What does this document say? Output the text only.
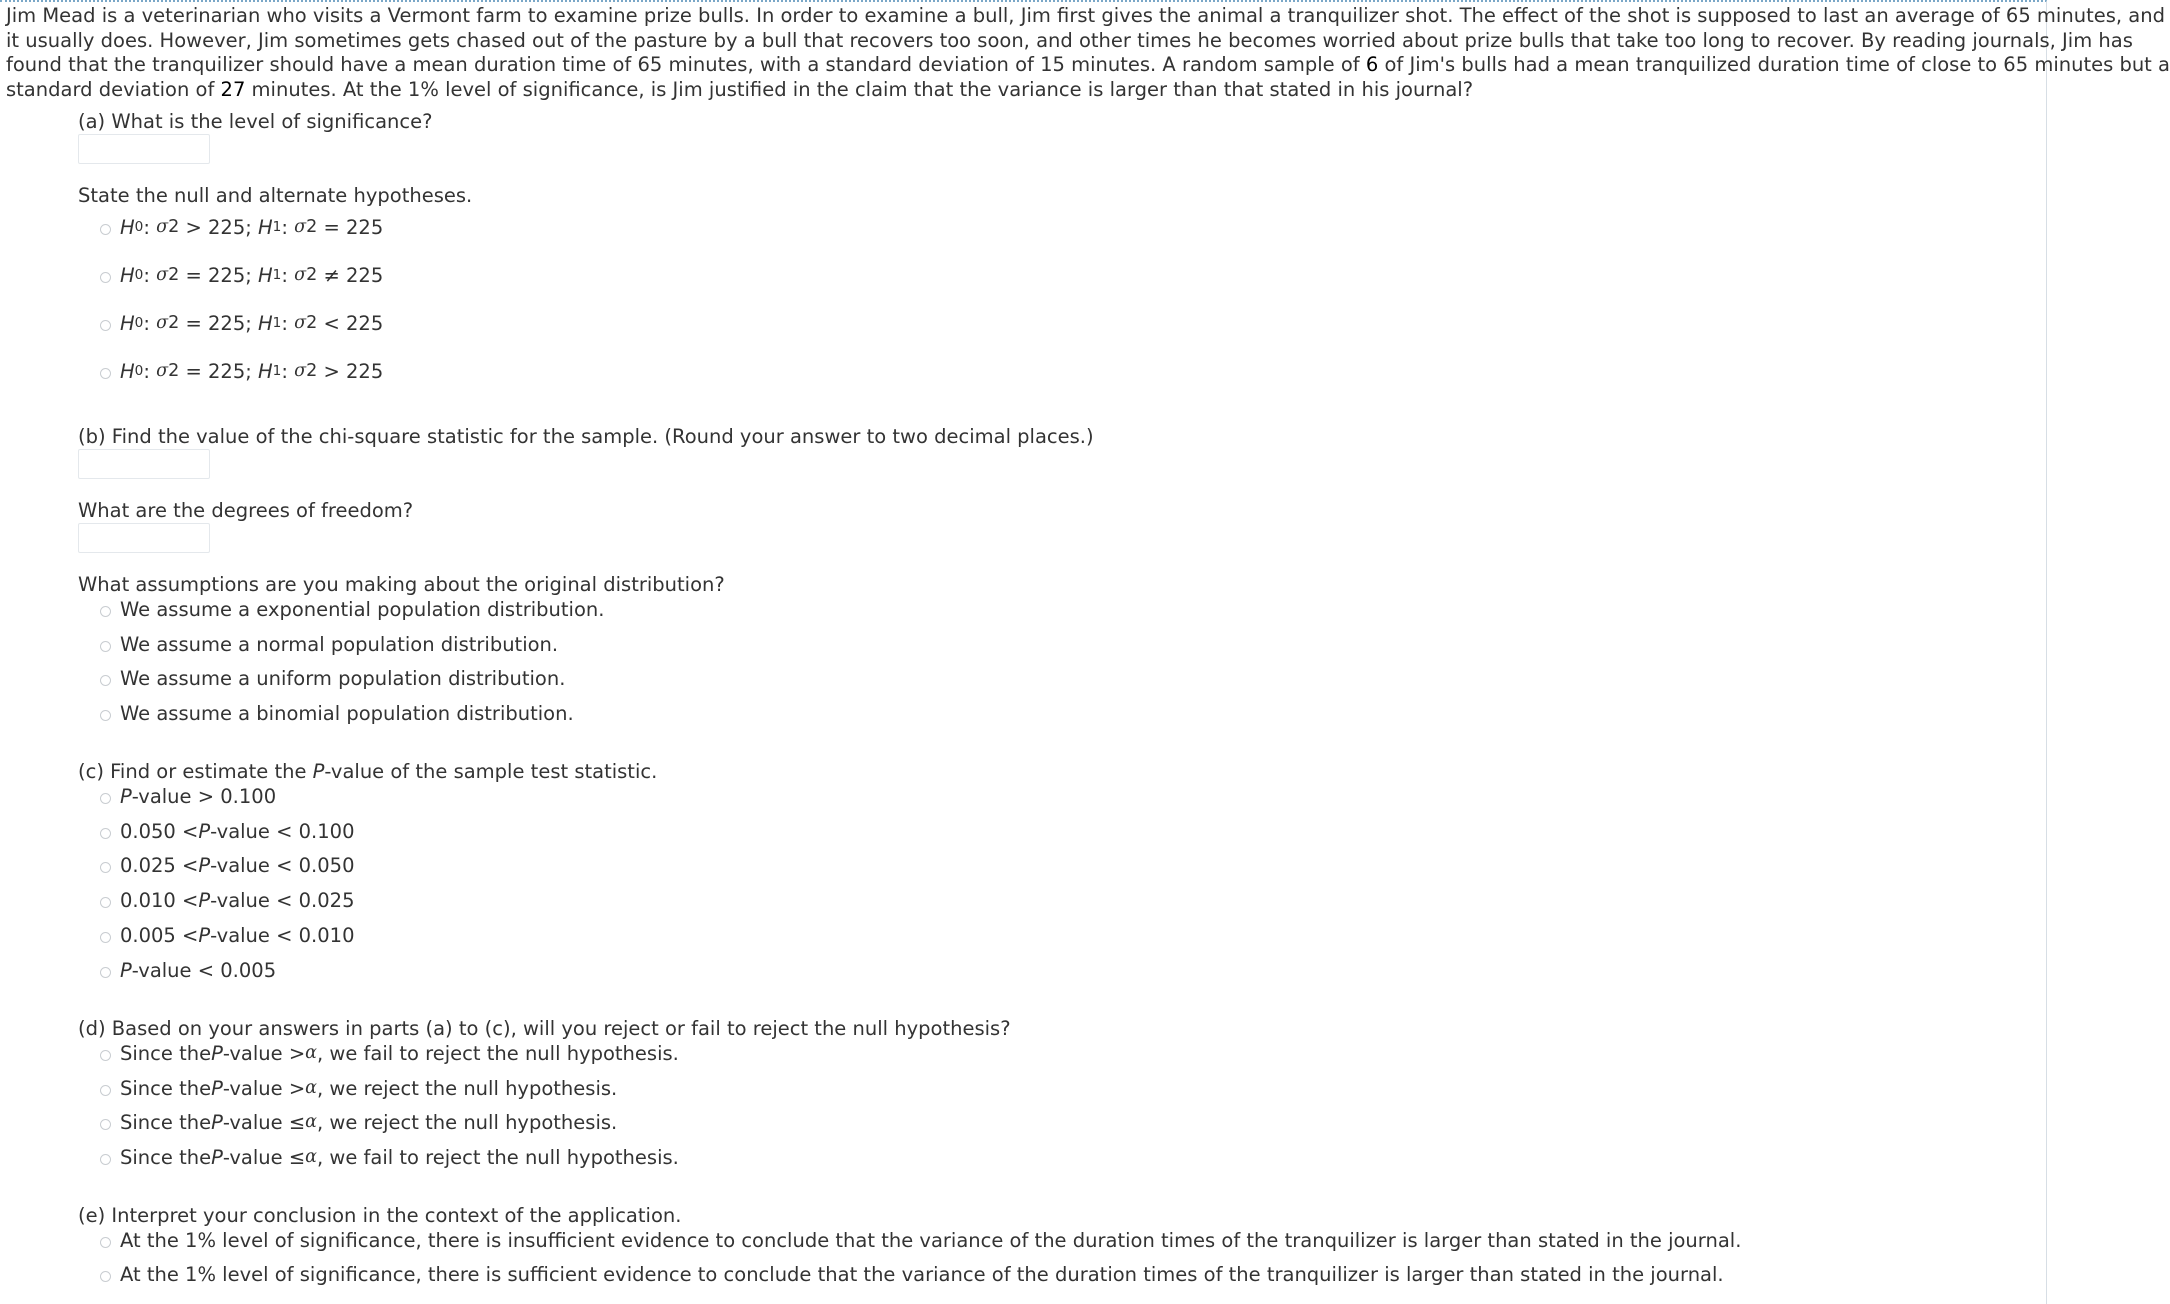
Jim Mead is a veterinarian who visits a Vermont farm to examine prize bulls. In order to examine a bull, Jim first gives the animal a tranquilizer shot. The effect of the shot is supposed to last an average of 65 minutes, and
it usually does. However, Jim sometimes gets chased out of the pasture by a bull that recovers too soon, and other times he becomes worried about prize bulls that take too long to recover. By reading journals, Jim has
found that the tranquilizer should have a mean duration time of 65 minutes, with a standard deviation of 15 minutes. A random sample of 6 of Jim's bulls had a mean tranquilized duration time of close to 65 minutes but a
standard deviation of 27 minutes. At the 1% level of significance, is Jim justified in the claim that the variance is larger than that stated in his journal?
(a) What is the level of significance?
State the null and alternate hypotheses.
H 0 : σ 2
> 225;
H 1 : σ 2
= 225
H 0 : σ 2
= 225;
H 1 : σ 2
≠ 225
H 0 : σ 2
= 225;
H 1 : σ 2
< 225
H 0 : σ 2
= 225;
H 1 : σ 2
> 225
(b) Find the value of the chi-square statistic for the sample. (Round your answer to two decimal places.)
What are the degrees of freedom?
What assumptions are you making about the original distribution?
We assume a exponential population distribution.
We assume a normal population distribution.
We assume a uniform population distribution.
We assume a binomial population distribution.
(c) Find or estimate the P-value of the sample test statistic.
P -value > 0.100
0.050 < P -value < 0.100
0.025 < P -value < 0.050
0.010 < P -value < 0.025
0.005 < P -value < 0.010
P -value < 0.005
(d) Based on your answers in parts (a) to (c), will you reject or fail to reject the null hypothesis?
Since the P -value > α , we fail to reject the null hypothesis.
Since the P -value > α , we reject the null hypothesis.
Since the P -value ≤ α , we reject the null hypothesis.
Since the P -value ≤ α , we fail to reject the null hypothesis.
(e) Interpret your conclusion in the context of the application.
At the 1% level of significance, there is insufficient evidence to conclude that the variance of the duration times of the tranquilizer is larger than stated in the journal.
At the 1% level of significance, there is sufficient evidence to conclude that the variance of the duration times of the tranquilizer is larger than stated in the journal.
